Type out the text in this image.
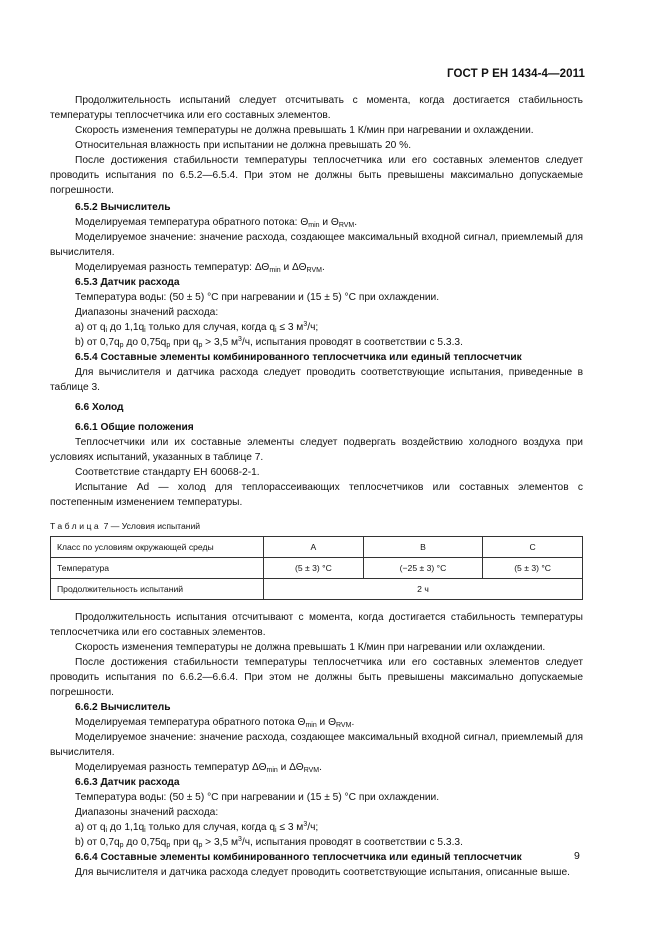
ГОСТ Р ЕН 1434-4—2011

Продолжительность испытаний следует отсчитывать с момента, когда достигается стабильность температуры теплосчетчика или его составных элементов.

Скорость изменения температуры не должна превышать 1 К/мин при нагревании и охлаждении.

Относительная влажность при испытании не должна превышать 20 %.

После достижения стабильности температуры теплосчетчика или его составных элементов следует проводить испытания по 6.5.2—6.5.4. При этом не должны быть превышены максимально допускаемые погрешности.

6.5.2 Вычислитель

Моделируемая температура обратного потока: $\Theta_{min}$ и $\Theta_{RVM}$.

Моделируемое значение: значение расхода, создающее максимальный входной сигнал, приемлемый для вычислителя.

Моделируемая разность температур: $\Delta\Theta_{min}$ и $\Delta\Theta_{RVM}$.

6.5.3 Датчик расхода

Температура воды: (50 ± 5) °С при нагревании и (15 ± 5) °С при охлаждении.

Диапазоны значений расхода:

а) от $q_i$ до $1,1q_i$ только для случая, когда $q_i \le 3$ $м^3/ч$;

b) от $0,7q_p$ до $0,75q_p$ при $q_p > 3,5$ $м^3/ч$, испытания проводят в соответствии с 5.3.3.

6.5.4 Составные элементы комбинированного теплосчетчика или единый теплосчетчик

Для вычислителя и датчика расхода следует проводить соответствующие испытания, приведенные в таблице 3.

6.6 Холод

6.6.1 Общие положения

Теплосчетчики или их составные элементы следует подвергать воздействию холодного воздуха при условиях испытаний, указанных в таблице 7.

Соответствие стандарту ЕН 60068-2-1.

Испытание Ad — холод для теплорассеивающих теплосчетчиков или составных элементов с постепенным изменением температуры.

Таблица 7 — Условия испытаний
Класс по условиям окружающей среды	А	В	С
Температура	(5 ± 3) °С	(−25 ± 3) °С	(5 ± 3) °С
Продолжительность испытаний	2 ч		

Продолжительность испытания отсчитывают с момента, когда достигается стабильность температуры теплосчетчика или его составных элементов.

Скорость изменения температуры не должна превышать 1 К/мин при нагревании или охлаждении.

После достижения стабильности температуры теплосчетчика или его составных элементов следует проводить испытания по 6.6.2—6.6.4. При этом не должны быть превышены максимально допускаемые погрешности.

6.6.2 Вычислитель

Моделируемая температура обратного потока $\Theta_{min}$ и $\Theta_{RVM}$.

Моделируемое значение: значение расхода, создающее максимальный входной сигнал, приемлемый для вычислителя.

Моделируемая разность температур $\Delta\Theta_{min}$ и $\Delta\Theta_{RVM}$.

6.6.3 Датчик расхода

Температура воды: (50 ± 5) °С при нагревании и (15 ± 5) °С при охлаждении.

Диапазоны значений расхода:

а) от $q_i$ до $1,1q_i$ только для случая, когда $q_i \le 3$ $м^3/ч$;

b) от $0,7q_p$ до $0,75q_p$ при $q_p > 3,5$ $м^3/ч$, испытания проводят в соответствии с 5.3.3.

6.6.4 Составные элементы комбинированного теплосчетчика или единый теплосчетчик

Для вычислителя и датчика расхода следует проводить соответствующие испытания, описанные выше.

9
